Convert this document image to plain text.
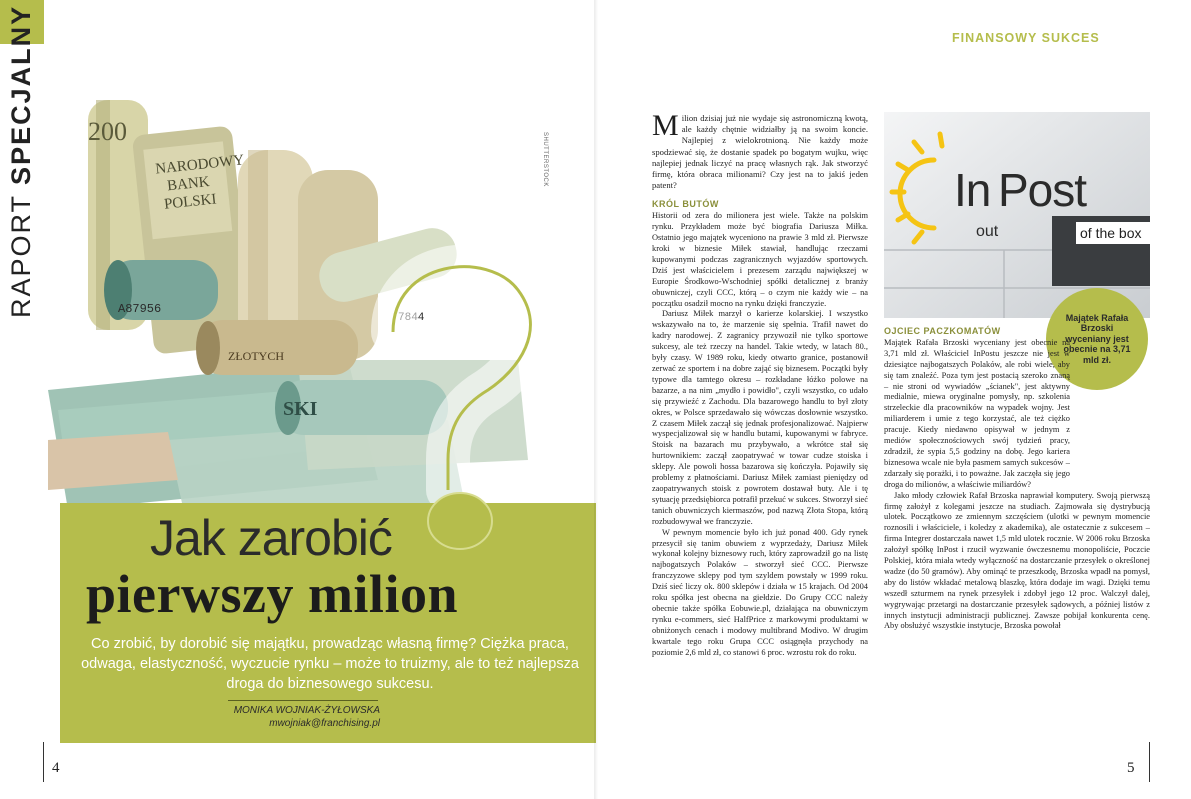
RAPORT SPECJALNY	NARODOWY
BANK
POLSKI
200
A87956
ZŁOTYCH
SKI
7844
SHUTTERSTOCK
Jak zarobić
pierwszy milion
Co zrobić, by dorobić się majątku, prowadząc własną firmę? Ciężka praca, odwaga, elastyczność, wyczucie rynku – może to truizmy, ale to też najlepsza droga do biznesowego sukcesu.
MONIKA WOJNIAK-ŻYŁOWSKA
mwojniak@franchising.pl
4
FINANSOWY SUKCES
Milion dzisiaj już nie wydaje się astronomiczną kwotą, ale każdy chętnie widziałby ją na swoim koncie. Najlepiej z wielokrotnioną. Nie każdy może spodziewać się, że dostanie spadek po bogatym wujku, więc najlepiej jednak liczyć na pracę własnych rąk. Jak stworzyć firmę, która obraca milionami? Czy jest na to jakiś jeden patent?
KRÓL BUTÓW

Historii od zera do milionera jest wiele. Także na polskim rynku. Przykładem może być biografia Dariusza Miłka. Ostatnio jego majątek wyceniono na prawie 3 mld zł. Pierwsze kroki w biznesie Miłek stawiał, handlując rzeczami kupowanymi podczas zagranicznych wyjazdów sportowych. Dziś jest właścicielem i prezesem zarządu największej w Europie Środkowo-Wschodniej spółki detalicznej z branży obuwniczej, czyli CCC, którą – o czym nie każdy wie – na początku osadził mocno na rynku dzięki franczyzie.

Dariusz Miłek marzył o karierze kolarskiej. I wszystko wskazywało na to, że marzenie się spełnia. Trafił nawet do kadry narodowej. Z zagranicy przywoził nie tylko sportowe sukcesy, ale też rzeczy na handel. Takie wtedy, w latach 80., były czasy. W 1989 roku, kiedy otwarto granice, postanowił zerwać ze sportem i na dobre zająć się biznesem. Początki były typowe dla tamtego okresu – rozkładane łóżko polowe na bazarze, a na nim „mydło i powidło", czyli wszystko, co udało się przywieźć z Zachodu. Dla bazarowego handlu to był złoty okres, w Polsce sprzedawało się wówczas dosłownie wszystko. Z czasem Miłek zaczął się jednak profesjonalizować. Najpierw wyspecjalizował się w handlu butami, kupowanymi w fabryce. Stoisk na bazarach mu przybywało, a wkrótce stał się hurtownikiem: zaczął zaopatrywać w towar cudze stoiska i sklepy. Ale powoli hossa bazarowa się kończyła. Pojawiły się problemy z płatnościami. Dariusz Miłek zamiast pieniędzy od zaopatrywanych stoisk z powrotem dostawał buty. Ale i tę sytuację przedsiębiorca potrafił przekuć w sukces. Stworzył sieć tanich obuwniczych kiermaszów, pod nazwą Złota Stopa, którą rozbudowywał we franczyzie.

W pewnym momencie było ich już ponad 400. Gdy rynek przesycił się tanim obuwiem z wyprzedaży, Dariusz Miłek wykonał kolejny biznesowy ruch, który zaprowadził go na listę najbogatszych Polaków – stworzył sieć CCC. Pierwsze franczyzowe sklepy pod tym szyldem powstały w 1999 roku. Dziś sieć liczy ok. 800 sklepów i działa w 15 krajach. Od 2004 roku spółka jest obecna na giełdzie. Do Grupy CCC należy obecnie także spółka Eobuwie.pl, działająca na obuwniczym rynku e-commers, sieć HalfPrice z markowymi produktami w obniżonych cenach i modowy multibrand Modivo. W drugim kwartale tego roku Grupa CCC osiągnęła przychody na poziomie 2,6 mld zł, co stanowi 6 proc. wzrostu rok do roku.

of the box
In Post
out
Majątek Rafała Brzoski wyceniany jest obecnie na 3,71 mld zł.
OJCIEC PACZKOMATÓW

Majątek Rafała Brzoski wyceniany jest obecnie na 3,71 mld zł. Właściciel InPostu jeszcze nie jest w dziesiątce najbogatszych Polaków, ale robi wiele, aby się tam znaleźć. Poza tym jest postacią szeroko znaną – nie stroni od wywiadów „ścianek", jest aktywny medialnie, miewa oryginalne pomysły, np. szkolenia strzeleckie dla pracowników na wypadek wojny. Jest miliarderem i umie z tego korzystać, ale też ciężko pracuje. Kiedy niedawno opisywał w jednym z mediów społecznościowych swój tydzień pracy, zdradził, że sypia 5,5 godziny na dobę. Jego kariera biznesowa wcale nie była pasmem samych sukcesów – zdarzały się porażki, i to poważne. Jak zaczęła się jego droga do milionów, a właściwie miliardów?

Jako młody człowiek Rafał Brzoska naprawiał komputery. Swoją pierwszą firmę założył z kolegami jeszcze na studiach. Zajmowała się dystrybucją ulotek. Początkowo ze zmiennym szczęściem (ulotki w pewnym momencie roznosili i właściciele, i koledzy z akademika), ale ostatecznie z sukcesem – firma Integrer dostarczała nawet 1,5 mld ulotek rocznie. W 2006 roku Brzoska założył spółkę InPost i rzucił wyzwanie ówczesnemu monopoliście, Poczcie Polskiej, która miała wtedy wyłączność na dostarczanie przesyłek o określonej wadze (do 50 gramów). Aby ominąć te przeszkodę, Brzoska wpadł na pomysł, aby do listów wkładać metalową blaszkę, która dodaje im wagi. Dzięki temu wszedł szturmem na rynek przesyłek i zdobył jego 12 proc. Walczył dalej, wygrywając przetargi na dostarczanie przesyłek sądowych, a później listów z innych instytucji administracji publicznej. Zawsze pobijał konkurenta cenę. Aby obsłużyć wszystkie instytucje, Brzoska powołał

5
